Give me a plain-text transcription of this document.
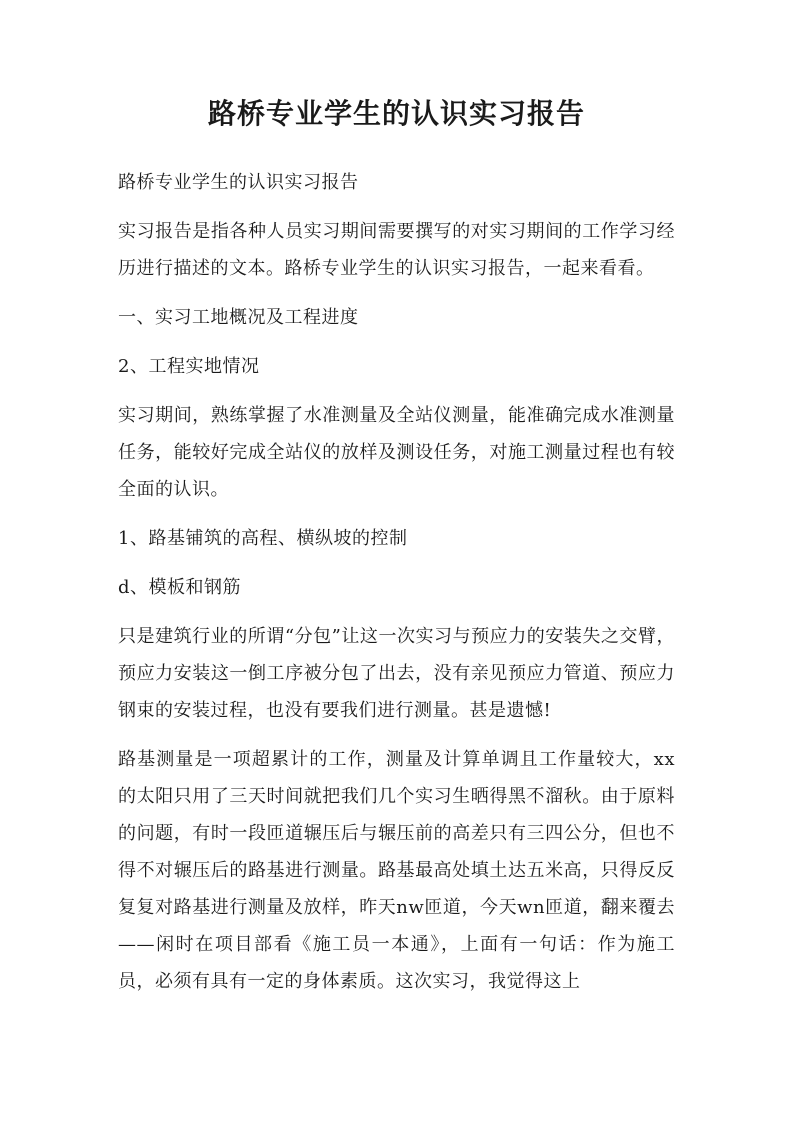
路桥专业学生的认识实习报告

路桥专业学生的认识实习报告

实习报告是指各种人员实习期间需要撰写的对实习期间的工作学习经历进行描述的文本。路桥专业学生的认识实习报告，一起来看看。

一、实习工地概况及工程进度

2、工程实地情况

实习期间，熟练掌握了水准测量及全站仪测量，能准确完成水准测量任务，能较好完成全站仪的放样及测设任务，对施工测量过程也有较全面的认识。

1、路基铺筑的高程、横纵坡的控制

d、模板和钢筋

只是建筑行业的所谓“分包”让这一次实习与预应力的安装失之交臂，预应力安装这一倒工序被分包了出去，没有亲见预应力管道、预应力钢束的安装过程，也没有要我们进行测量。甚是遗憾!

路基测量是一项超累计的工作，测量及计算单调且工作量较大，xx的太阳只用了三天时间就把我们几个实习生晒得黑不溜秋。由于原料的问题，有时一段匝道辗压后与辗压前的高差只有三四公分，但也不得不对辗压后的路基进行测量。路基最高处填土达五米高，只得反反复复对路基进行测量及放样，昨天nw匝道，今天wn匝道，翻来覆去——闲时在项目部看《施工员一本通》，上面有一句话：作为施工员，必须有具有一定的身体素质。这次实习，我觉得这上
